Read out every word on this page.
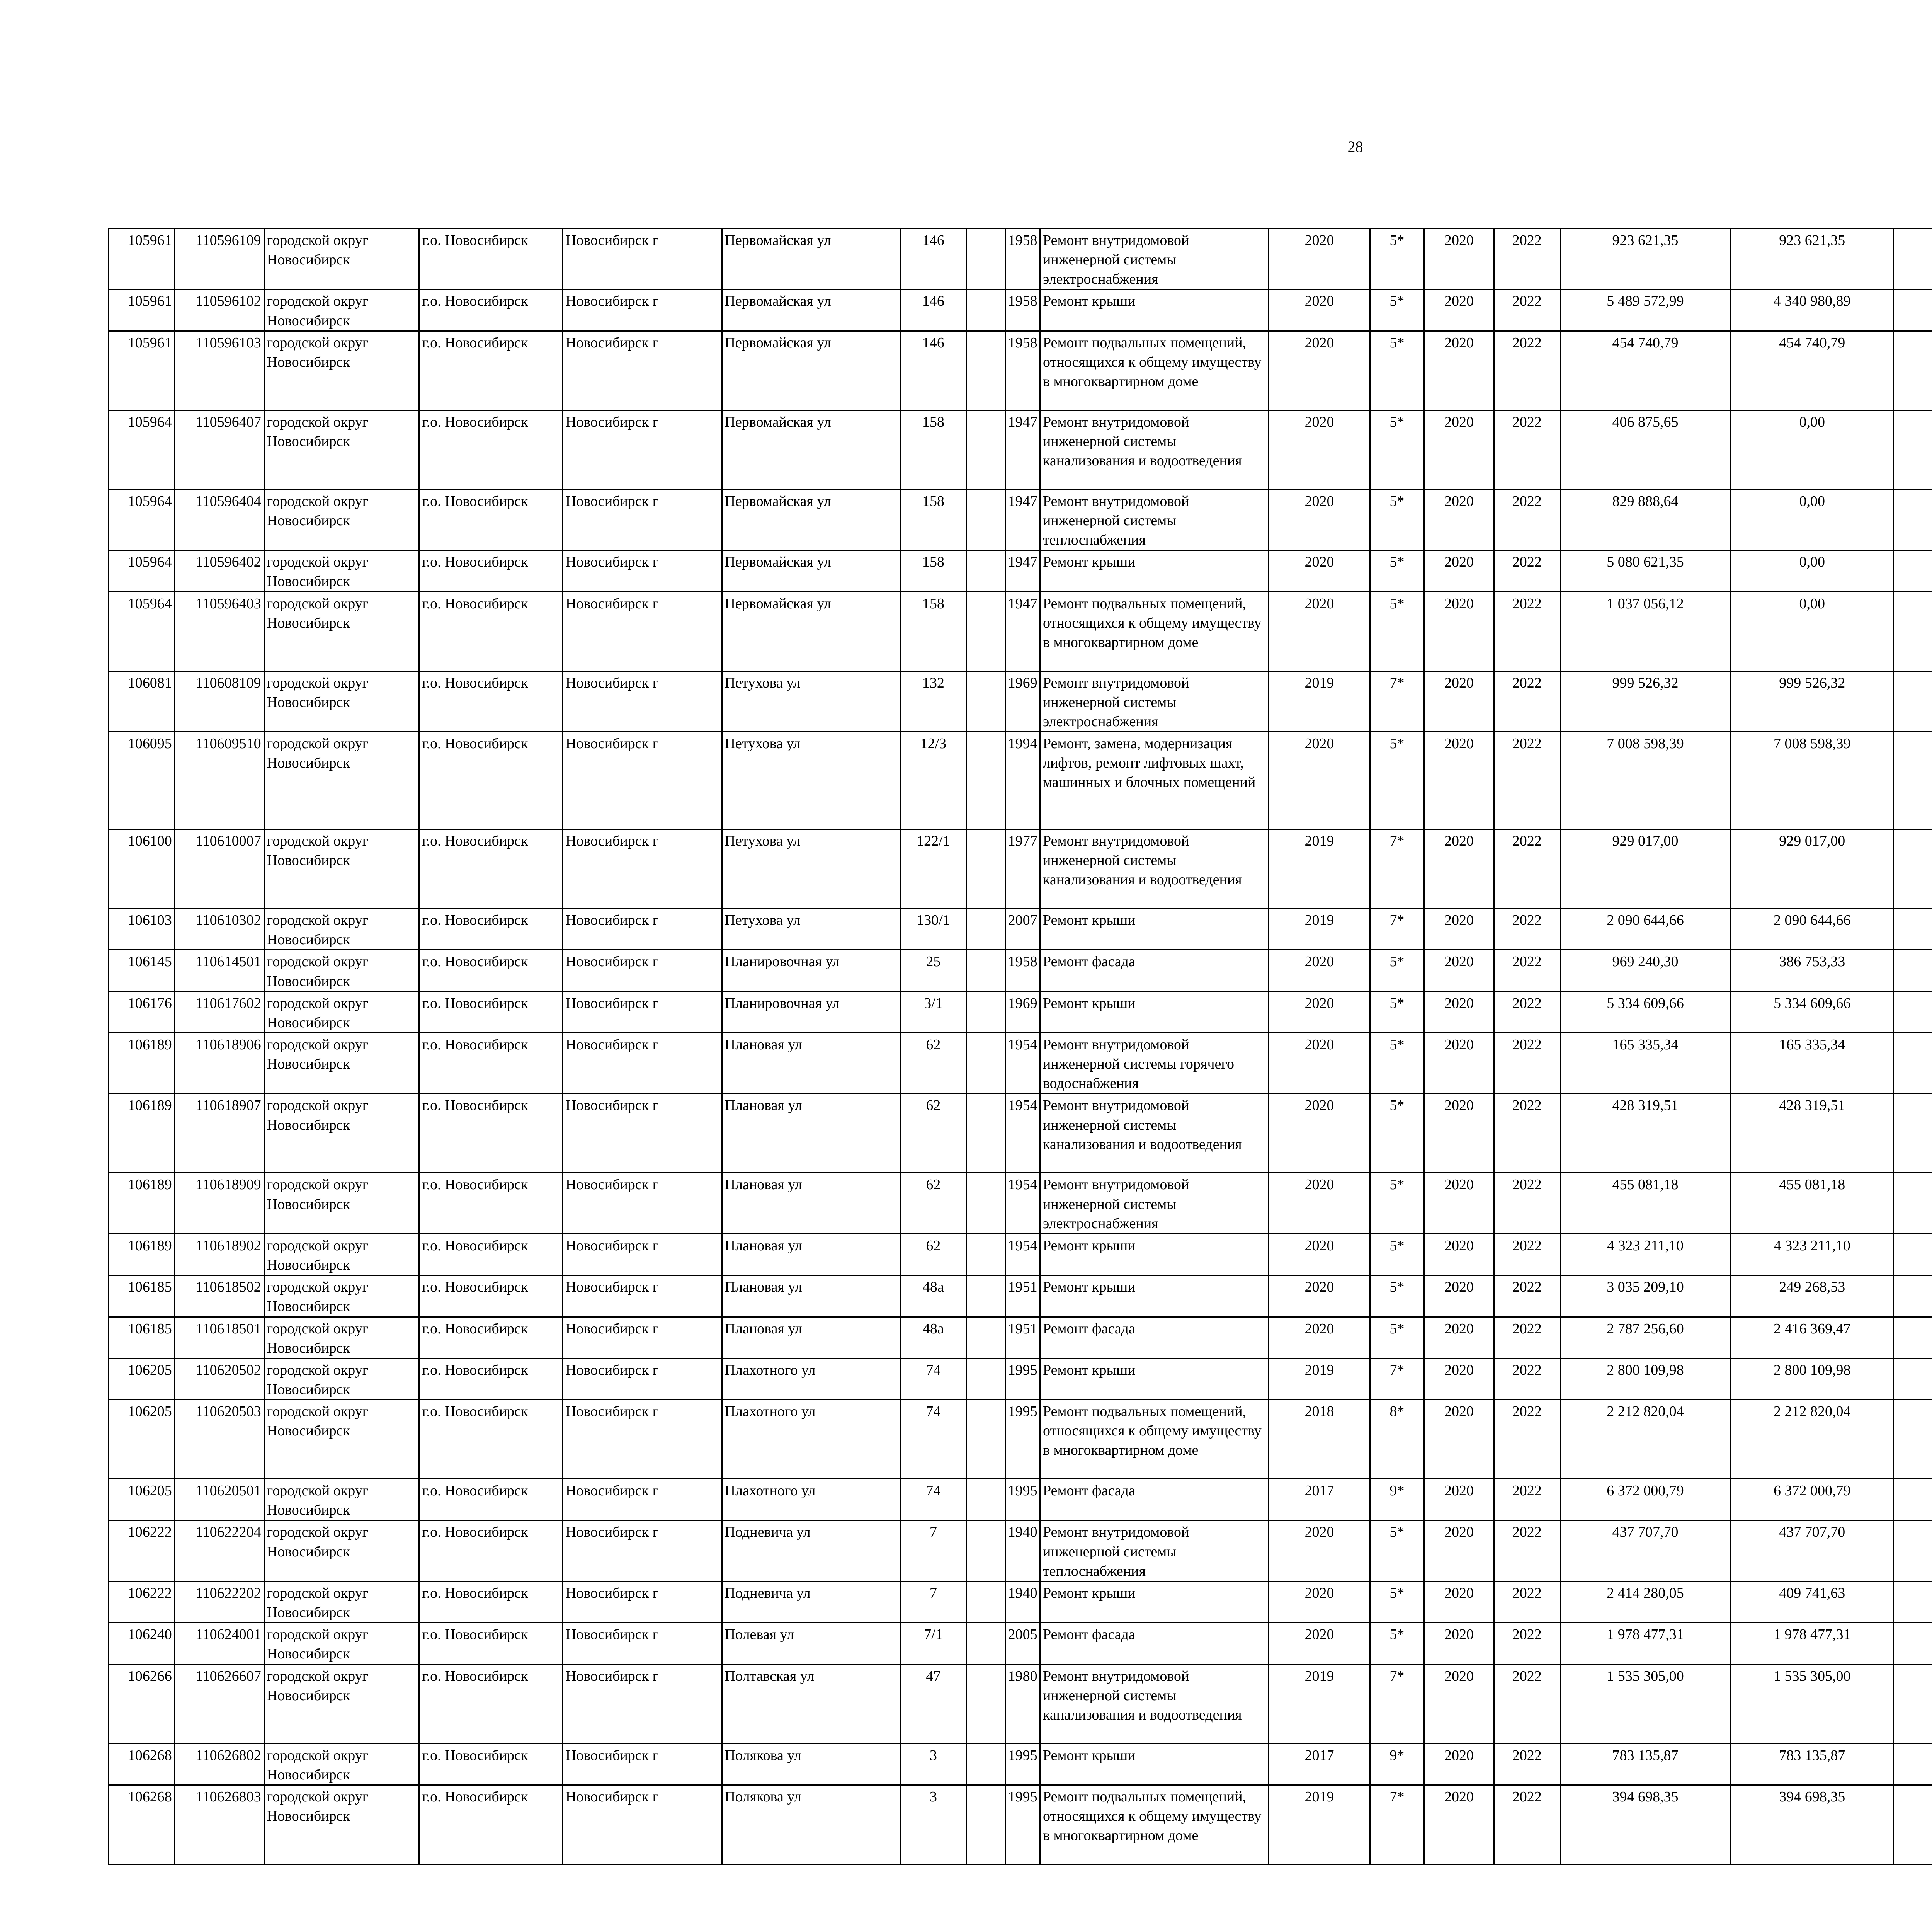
28
105961	110596109	городской округ Новосибирск	г.о. Новосибирск	Новосибирск г	Первомайская ул	146		1958	Ремонт внутридомовой инженерной системы электроснабжения	2020	5*	2020	2022	923 621,35	923 621,35						
105961	110596102	городской округ Новосибирск	г.о. Новосибирск	Новосибирск г	Первомайская ул	146		1958	Ремонт крыши	2020	5*	2020	2022	5 489 572,99	4 340 980,89						
105961	110596103	городской округ Новосибирск	г.о. Новосибирск	Новосибирск г	Первомайская ул	146		1958	Ремонт подвальных помещений, относящихся к общему имуществу в многоквартирном доме	2020	5*	2020	2022	454 740,79	454 740,79						
105964	110596407	городской округ Новосибирск	г.о. Новосибирск	Новосибирск г	Первомайская ул	158		1947	Ремонт внутридомовой инженерной системы канализования и водоотведения	2020	5*	2020	2022	406 875,65	0,00						
105964	110596404	городской округ Новосибирск	г.о. Новосибирск	Новосибирск г	Первомайская ул	158		1947	Ремонт внутридомовой инженерной системы теплоснабжения	2020	5*	2020	2022	829 888,64	0,00						
105964	110596402	городской округ Новосибирск	г.о. Новосибирск	Новосибирск г	Первомайская ул	158		1947	Ремонт крыши	2020	5*	2020	2022	5 080 621,35	0,00						
105964	110596403	городской округ Новосибирск	г.о. Новосибирск	Новосибирск г	Первомайская ул	158		1947	Ремонт подвальных помещений, относящихся к общему имуществу в многоквартирном доме	2020	5*	2020	2022	1 037 056,12	0,00						
106081	110608109	городской округ Новосибирск	г.о. Новосибирск	Новосибирск г	Петухова ул	132		1969	Ремонт внутридомовой инженерной системы электроснабжения	2019	7*	2020	2022	999 526,32	999 526,32						
106095	110609510	городской округ Новосибирск	г.о. Новосибирск	Новосибирск г	Петухова ул	12/3		1994	Ремонт, замена, модернизация лифтов, ремонт лифтовых шахт, машинных и блочных помещений	2020	5*	2020	2022	7 008 598,39	7 008 598,39						
106100	110610007	городской округ Новосибирск	г.о. Новосибирск	Новосибирск г	Петухова ул	122/1		1977	Ремонт внутридомовой инженерной системы канализования и водоотведения	2019	7*	2020	2022	929 017,00	929 017,00						
106103	110610302	городской округ Новосибирск	г.о. Новосибирск	Новосибирск г	Петухова ул	130/1		2007	Ремонт крыши	2019	7*	2020	2022	2 090 644,66	2 090 644,66						
106145	110614501	городской округ Новосибирск	г.о. Новосибирск	Новосибирск г	Планировочная ул	25		1958	Ремонт фасада	2020	5*	2020	2022	969 240,30	386 753,33						
106176	110617602	городской округ Новосибирск	г.о. Новосибирск	Новосибирск г	Планировочная ул	3/1		1969	Ремонт крыши	2020	5*	2020	2022	5 334 609,66	5 334 609,66						
106189	110618906	городской округ Новосибирск	г.о. Новосибирск	Новосибирск г	Плановая ул	62		1954	Ремонт внутридомовой инженерной системы горячего водоснабжения	2020	5*	2020	2022	165 335,34	165 335,34						
106189	110618907	городской округ Новосибирск	г.о. Новосибирск	Новосибирск г	Плановая ул	62		1954	Ремонт внутридомовой инженерной системы канализования и водоотведения	2020	5*	2020	2022	428 319,51	428 319,51						
106189	110618909	городской округ Новосибирск	г.о. Новосибирск	Новосибирск г	Плановая ул	62		1954	Ремонт внутридомовой инженерной системы электроснабжения	2020	5*	2020	2022	455 081,18	455 081,18						
106189	110618902	городской округ Новосибирск	г.о. Новосибирск	Новосибирск г	Плановая ул	62		1954	Ремонт крыши	2020	5*	2020	2022	4 323 211,10	4 323 211,10						
106185	110618502	городской округ Новосибирск	г.о. Новосибирск	Новосибирск г	Плановая ул	48а		1951	Ремонт крыши	2020	5*	2020	2022	3 035 209,10	249 268,53						
106185	110618501	городской округ Новосибирск	г.о. Новосибирск	Новосибирск г	Плановая ул	48а		1951	Ремонт фасада	2020	5*	2020	2022	2 787 256,60	2 416 369,47						
106205	110620502	городской округ Новосибирск	г.о. Новосибирск	Новосибирск г	Плахотного ул	74		1995	Ремонт крыши	2019	7*	2020	2022	2 800 109,98	2 800 109,98						
106205	110620503	городской округ Новосибирск	г.о. Новосибирск	Новосибирск г	Плахотного ул	74		1995	Ремонт подвальных помещений, относящихся к общему имуществу в многоквартирном доме	2018	8*	2020	2022	2 212 820,04	2 212 820,04						
106205	110620501	городской округ Новосибирск	г.о. Новосибирск	Новосибирск г	Плахотного ул	74		1995	Ремонт фасада	2017	9*	2020	2022	6 372 000,79	6 372 000,79						
106222	110622204	городской округ Новосибирск	г.о. Новосибирск	Новосибирск г	Подневича ул	7		1940	Ремонт внутридомовой инженерной системы теплоснабжения	2020	5*	2020	2022	437 707,70	437 707,70						
106222	110622202	городской округ Новосибирск	г.о. Новосибирск	Новосибирск г	Подневича ул	7		1940	Ремонт крыши	2020	5*	2020	2022	2 414 280,05	409 741,63						
106240	110624001	городской округ Новосибирск	г.о. Новосибирск	Новосибирск г	Полевая ул	7/1		2005	Ремонт фасада	2020	5*	2020	2022	1 978 477,31	1 978 477,31						
106266	110626607	городской округ Новосибирск	г.о. Новосибирск	Новосибирск г	Полтавская ул	47		1980	Ремонт внутридомовой инженерной системы канализования и водоотведения	2019	7*	2020	2022	1 535 305,00	1 535 305,00						
106268	110626802	городской округ Новосибирск	г.о. Новосибирск	Новосибирск г	Полякова ул	3		1995	Ремонт крыши	2017	9*	2020	2022	783 135,87	783 135,87						
106268	110626803	городской округ Новосибирск	г.о. Новосибирск	Новосибирск г	Полякова ул	3		1995	Ремонт подвальных помещений, относящихся к общему имуществу в многоквартирном доме	2019	7*	2020	2022	394 698,35	394 698,35						
